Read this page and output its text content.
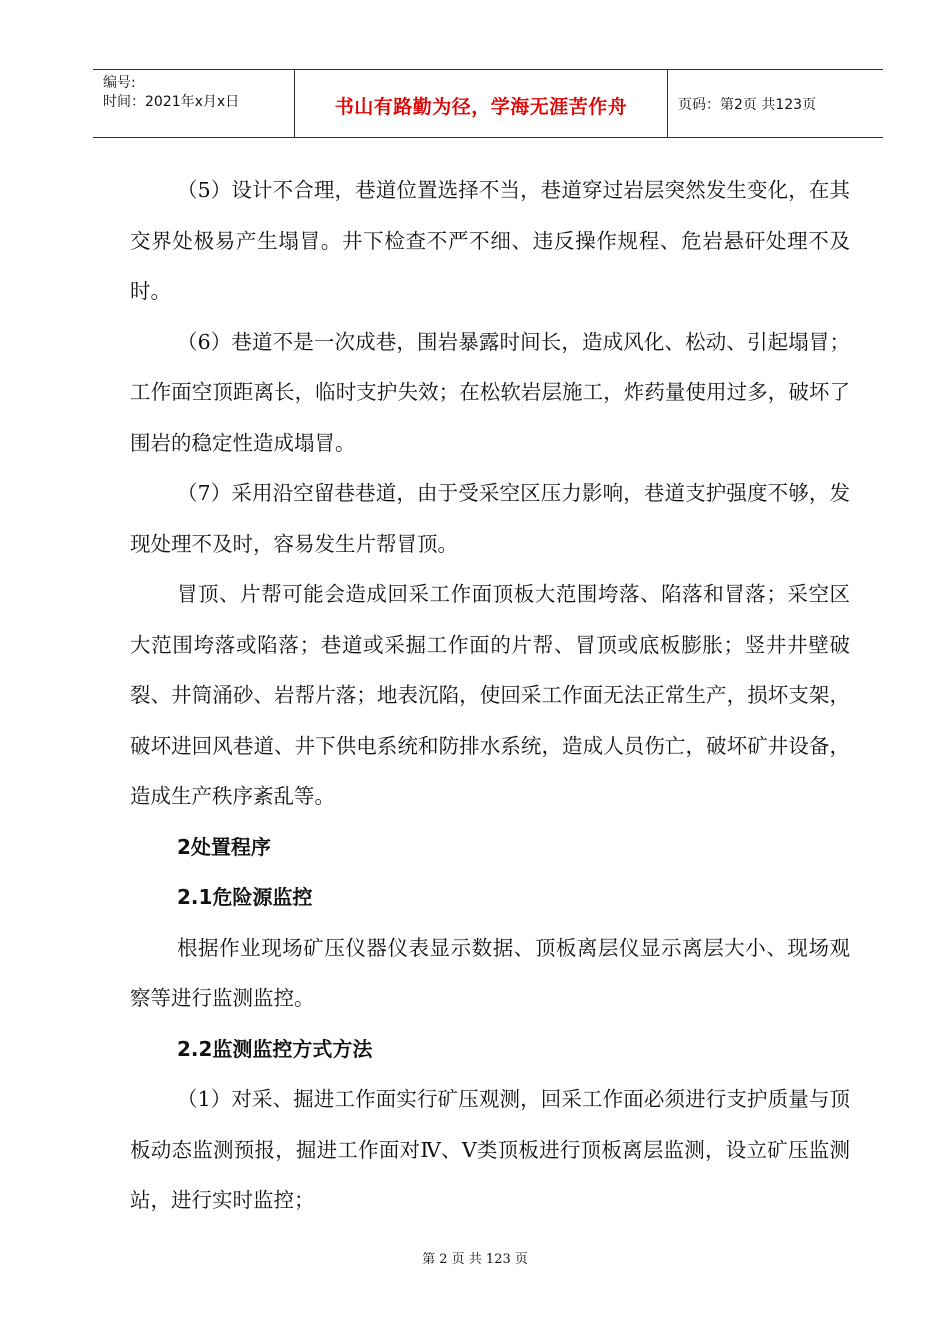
编号:
时间：2021年x月x日	书山有路勤为径，学海无涯苦作舟	页码：第2页 共123页

（5）设计不合理，巷道位置选择不当，巷道穿过岩层突然发生变化，在其交界处极易产生塌冒。井下检查不严不细、违反操作规程、危岩悬矸处理不及时。

（6）巷道不是一次成巷，围岩暴露时间长，造成风化、松动、引起塌冒；工作面空顶距离长，临时支护失效；在松软岩层施工，炸药量使用过多，破坏了围岩的稳定性造成塌冒。

（7）采用沿空留巷巷道，由于受采空区压力影响，巷道支护强度不够，发现处理不及时，容易发生片帮冒顶。

冒顶、片帮可能会造成回采工作面顶板大范围垮落、陷落和冒落；采空区大范围垮落或陷落；巷道或采掘工作面的片帮、冒顶或底板膨胀；竖井井壁破裂、井筒涌砂、岩帮片落；地表沉陷，使回采工作面无法正常生产，损坏支架，破坏进回风巷道、井下供电系统和防排水系统，造成人员伤亡，破坏矿井设备，造成生产秩序紊乱等。

2处置程序

2.1危险源监控

根据作业现场矿压仪器仪表显示数据、顶板离层仪显示离层大小、现场观察等进行监测监控。

2.2监测监控方式方法

（1）对采、掘进工作面实行矿压观测，回采工作面必须进行支护质量与顶板动态监测预报，掘进工作面对Ⅳ、Ⅴ类顶板进行顶板离层监测，设立矿压监测站，进行实时监控；

第 2 页 共 123 页
